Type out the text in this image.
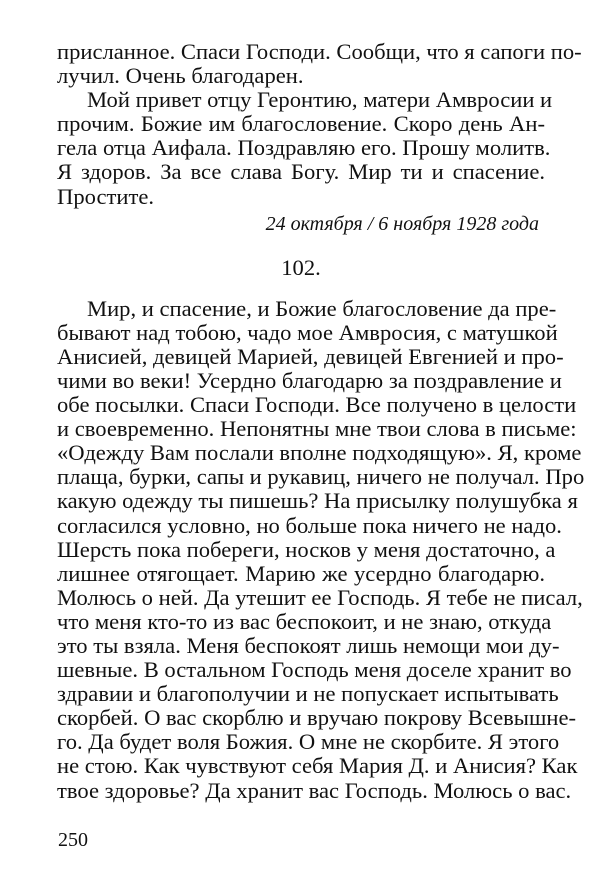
присланное. Спаси Господи. Сообщи, что я сапоги по-
лучил. Очень благодарен.
Мой привет отцу Геронтию, матери Амвросии и
прочим. Божие им благословение. Скоро день Ан-
гела отца Аифала. Поздравляю его. Прошу молитв.
Я здоров. За все слава Богу. Мир ти и спасение.
Простите.
24 октября / 6 ноября 1928 года
102.
Мир, и спасение, и Божие благословение да пре-
бывают над тобою, чадо мое Амвросия, с матушкой
Анисией, девицей Марией, девицей Евгенией и про-
чими во веки! Усердно благодарю за поздравление и
обе посылки. Спаси Господи. Все получено в целости
и своевременно. Непонятны мне твои слова в письме:
«Одежду Вам послали вполне подходящую». Я, кроме
плаща, бурки, сапы и рукавиц, ничего не получал. Про
какую одежду ты пишешь? На присылку полушубка я
согласился условно, но больше пока ничего не надо.
Шерсть пока побереги, носков у меня достаточно, а
лишнее отягощает. Марию же усердно благодарю.
Молюсь о ней. Да утешит ее Господь. Я тебе не писал,
что меня кто-то из вас беспокоит, и не знаю, откуда
это ты взяла. Меня беспокоят лишь немощи мои ду-
шевные. В остальном Господь меня доселе хранит во
здравии и благополучии и не попускает испытывать
скорбей. О вас скорблю и вручаю покрову Всевышне-
го. Да будет воля Божия. О мне не скорбите. Я этого
не стою. Как чувствуют себя Мария Д. и Анисия? Как
твое здоровье? Да хранит вас Господь. Молюсь о вас.
250
